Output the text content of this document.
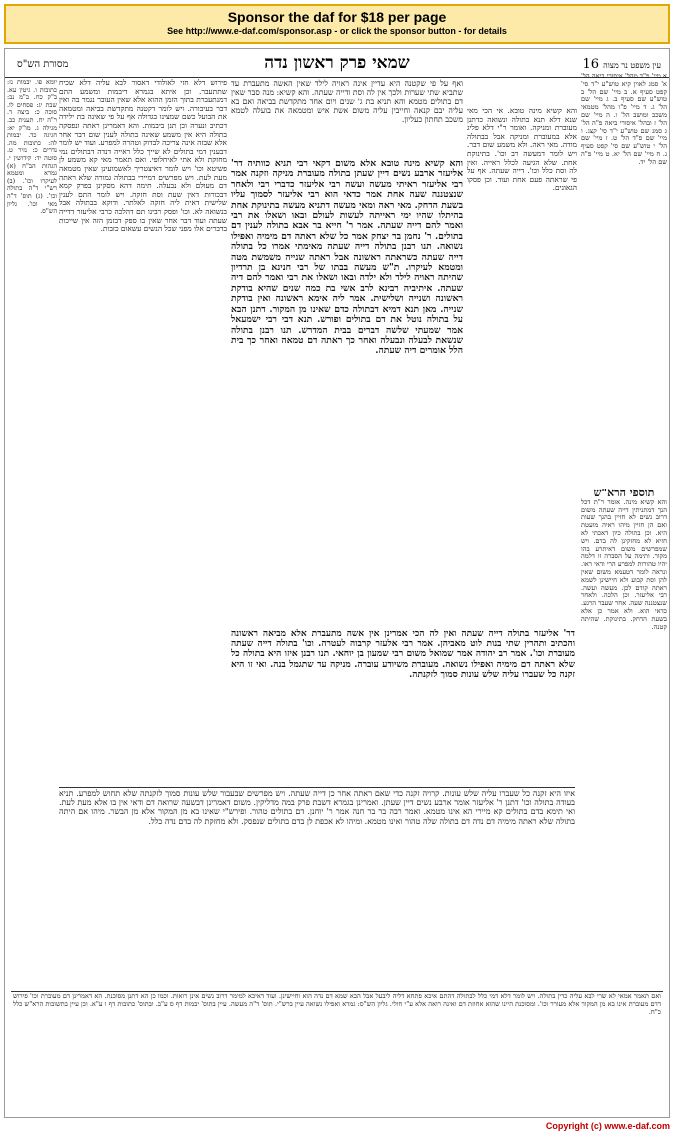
Sponsor the daf for $18 per page
See http://www.e-daf.com/sponsor.asp - or click the sponsor button - for details
מסורת הש"ס	שמאי פרק ראשון נדה	16 עין משפט נר מצוה
יומא פו. יבמות נז: כתובות ו. גיטין עא. ב"ק כח. ב"מ נב: שבת יג: פסחים לו. סוכה כ: ביצה ד. ר"ה יח. תענית כב. מגילה ג. מו"ק יא: חגיגה כד. יבמות לה: כתובות מה. נדרים כ: נזיר ט. סוטה יד: קידושין י. הגהות הב"ח (א) גמרא ומטמא לעיקרו וכו'. (ב) רש"י ד"ה בתולה וכו'. (ג) תוס' ד"ה מאי וכו'. גליון הש"ס.
פירוש דלא חזי לאולודי דאסור לבא עליה דלא שכיח שתתעבר. וכן איתא בגמרא דיבמות ומשמע התם דמנתעברת בתוך הזמן ההוא אלא שאין העובר נגמר בה ואין דבר בעיבורה. ויש לומר דקטנה מתקדשת בביאה ומטמאה את הבועל כשם שמצינו בגדולה אף על פי שאינה בת ילידה דכתיב ונערה וכן תנן ביבמות. והא דאמרינן ראתה ונפסקה בתולה היא אין משמע שאינה בתולה לענין שום דבר אחר אלא שבזה אינה צריכה לבדוק וטהרה למפרע. ועוד יש לומר דבענין דמי בתולים לא שייך כלל ראייה דנדה דבתולים נמי מחזקת ולא אתי לאיחלופי. ואם תאמר מאי קא משמע לן פשיטא וכו' ויש לומר דאיצטריך לאשמועינן שאין מטמאה מעת לעת. ויש מפרשים דמיירי בבתולה גמורה שלא ראתה דם מעולם ולא נבעלה. תימה דהא מסקינן בפרק קמא דבכורות דאין שעת וסת חזקה. ויש לומר התם לענין שלישית דאית ליה חזקה לאלתר. ודוקא בבתולה אבל בנשואה לא. וכו' ופסק רבינו תם דהלכה כרבי אליעזר דדייה שעתה ועוד דבר אחר שאין בו ספק דבזמן הזה אין שייכות בדברים אלו מפני שכל הנשים עשאום כזבות.
ואף על פי שקטנה היא עדיין אינה ראויה לילד שאין האשה מתעברת עד שתביא שתי שערות ולכך אין לה וסת ודייה שעתה. והא קשיא: מנה סבר שאין דם בתולים מטמא והא תניא בת ג' שנים ויום אחד מתקדשת בביאה ואם בא עליה יבם קנאה וחייבין עליה משום אשת איש ומטמאה את בועלה לטמא משכב תחתון כעליון.
והא קשיא מינה טובא אלא משום דקאי רבי תניא כוותיה דר' אליעזר ארבע נשים דיין שעתן בתולה מעוברת מניקה וזקנה אמר רבי אליעזר ראיתי מעשה ועשה רבי אליעזר כדברי רבי ולאחר שנצטננה שעה אחת אמר כדאי הוא רבי אליעזר לסמוך עליו בשעת הדחק. מאי ראה ומאי מעשה דתניא מעשה בתינוקת אחת בהיתלו שהיו ימי ראייתה לעשות לעולם ובאו ושאלו את רבי ואמר להם דייה שעתה. אמר ר' חייא בר אבא בתולה לענין דם בתולים. ר' נחמן בר יצחק אמר כל שלא ראתה דם מימיה ואפילו נשואה. תנו רבנן בתולה דייה שעתה מאימתי אמרו כל בתולה דייה שעתה כשראתה ראשונה אבל ראתה שנייה משמשת מטה ומטמא לעיקרו. ת"ש מעשה בבתו של רבי חנינא בן תרדיון שהיתה ראויה לילד ולא ילדה ובאו ושאלו את רבי ואמר להם דיה שעתה. איתיביה רבינא לרב אשי בת כמה שנים שהיא בודקת ראשונה ושנייה ושלישית. אמר ליה אימא ראשונה ואין בודקת שנייה. מאן תנא דמיא דבתולה כדם שאינו מן המקור. דתנן הבא על בתולה נוטל את דם בתולים ופורש. תנא דבי רבי ישמעאל אמר שמעתי שלשה דברים בבית המדרש. תנו רבנן בתולה שנשאת לבעלה ונבעלה ואחר כך ראתה דם טמאה ואחר כך בית הלל אומרים דיה שעתה.
והא קשיא מינה טובא. אי הכי מאי שנא דלא תנא בתולה ונשואה כדתנן מעוברת ומניקה. ואומר ר"י דלא פליג אלא במעוברת ומניקה אבל בבתולה מודה. מאי ראה. ולא משמע שום דבר. ויש לומר דמעשה רב וכו'. בתינוקת אחת. שלא הגיעה לכלל ראייה. ואין לה וסת כלל וכו'. דייה שעתה. אף על פי שראתה פעם אחת ועוד. וכן פסקו הגאונים.
א מיי' פ"ד מהל' איסורי ביאה הל' א' סמג לאוין קיא טוש"ע י"ד סי' קפט סעיף א. ב מיי' שם הל' ב טוש"ע שם סעיף ב. ג מיי' שם הל' ג. ד מיי' פ"ו מהל' מטמאי משכב ומושב הל' ו. ה מיי' שם הל' ז ובהל' איסורי ביאה פ"ה הל' ג סמג שם טוש"ע י"ד סי' קצג. ו מיי' שם פ"ד הל' ט. ז מיי' שם הל' י טוש"ע שם סי' קפט סעיף ג. ח מיי' שם הל' יא. ט מיי' פ"ה שם הל' יד.
תוספי הרא"ש
והא קשיא מינה. אומר ר"ת דכל הנך דמתניתין דייה שעתה משום דרוב נשים לא חזיין בהנך שעות ואם הן חזיין מיהו ראיה מועטת היא. וכן בתולה כיון דאכתי לא חזיא לא מחזקינן לה בדם. ויש שמפרשים משום דאיתרע בהו מקור. ותימה על הסברה זו דלמה יהיו טהורות למפרע הרי ודאי ראו. ונראה לומר דטעמא משום שאין להן וסת קבוע ולא חיישינן לשמא ראתה קודם לכן. מעשה ועשה. רבי אליעזר. וכן הלכה. ולאחר שנצטננה שעה. אחר שעבר הרגע. כדאי הוא. ולא אמר כן אלא בשעת הדחק. בתינוקת. שהיתה קטנה.
דר' אליעזר בתולה דייה שעתה ואין לה הכי אמרינן אין אשה מתעברת אלא מביאה ראשונה והכתיב ותהרין שתי בנות לוט מאביהן. אמר רבי אלעזר קרבוה לעטרה. וכו' בתולה דייה שעתה מעוברת וכו'. אמר רב יהודה אמר שמואל משום רבי שמעון בן יוחאי. תנו רבנן איזו היא בתולה כל שלא ראתה דם מימיה ואפילו נשואה. מעוברת משיודע עוברה. מניקה עד שתגמל בנה. ואי זו היא זקנה כל שעברו עליה שלש עונות סמוך לזקנתה.
איזו היא זקנה כל שעברו עליה שלש עונות. קרויה זקנה כדי שאם ראתה אחר כן דייה שעתה. ויש מפרשים שבעבור שלש עונות סמוך לזקנתה שלא תחוש למפרע. תניא בעודה בתולה וכו' דתנן ר' אליעזר אומר ארבע נשים דיין שעתן. ואמרינן בגמרא דשבת פרק במה מדליקין. משום דאמרינן דבשעה שרואה דם ודאי אין בו אלא מעת לעת. ואי תימא בדם בתולים קא מיירי הא אינו מטמא. ואמר רבה בר בר חנה אמר ר' יוחנן. דם בתולים טהור. ופירש"י שאינו בא מן המקור אלא מן הבשר. מיהו אם היתה בתולה שלא ראתה מימיה דם נדה דם בתולה שלה טהור ואינו מטמא. ומיהו לא אכפת לן בדם בתולים שנפסק. ולא מחזקת לה בדם נדה כלל.
ואם תאמר אמאי לא שרי לבא עליה כדין בתולה. ויש לומר דלא דמי כלל לבתולה דהתם איכא פתחא דליה ליבעל אבל הכא שמא דם נדה הוא וחיישינן. ועוד דאיכא למימר דרוב נשים אינן רואות. וכמו כן הא דתנן מסוכנת. הא דאמרינן דם מעוברת וכו' פירוש דדם מעוברת אינו בא מן המקור אלא מעורר וכו'. ומסוכנת היינו שהוא אחוזת דם ואינה רואה אלא ע"י חולי. גליון הש"ס: גמרא ואפילו נשואה עיין ברש"י. תוס' ד"ה מעשה. עיין בתוס' יבמות דף ס ע"ב. ובתוס' כתובות דף ו ע"א. וכן עיין בתשובות הרא"ש כלל כ"ח.
Copyright (c) www.e-daf.com
